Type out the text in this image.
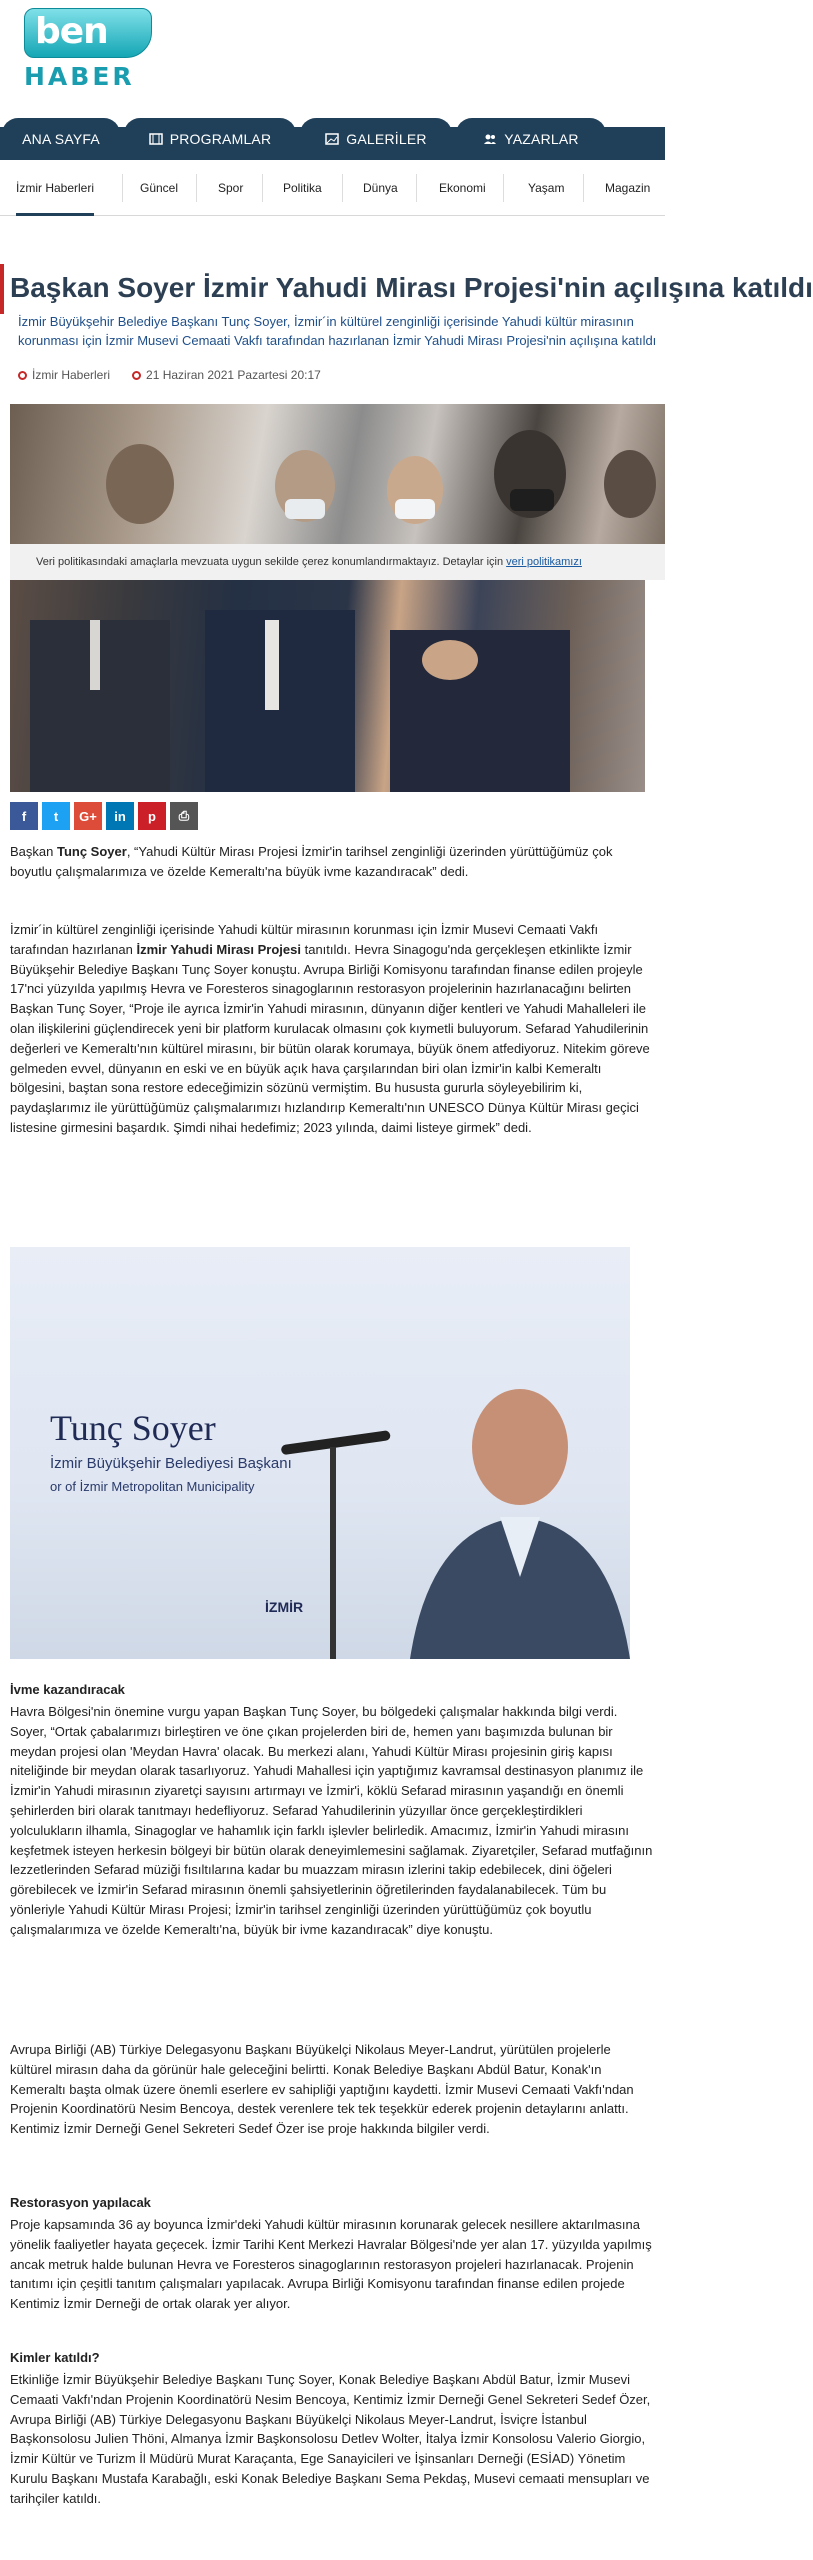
ben
HABER
ANA SAYFA	PROGRAMLAR	GALERİLER	YAZARLAR
İzmir Haberleri	Güncel	Spor	Politika	Dünya	Ekonomi	Yaşam	Magazin
Başkan Soyer İzmir Yahudi Mirası Projesi'nin açılışına katıldı
İzmir Büyükşehir Belediye Başkanı Tunç Soyer, İzmir´in kültürel zenginliği içerisinde Yahudi kültür mirasının korunması için İzmir Musevi Cemaati Vakfı tarafından hazırlanan İzmir Yahudi Mirası Projesi'nin açılışına katıldı
İzmir Haberleri	21 Haziran 2021 Pazartesi 20:17
Veri politikasındaki amaçlarla mevzuata uygun sekilde çerez konumlandırmaktayız. Detaylar için veri politikamızı
f	t	G+	in	p	⎙
Başkan Tunç Soyer, “Yahudi Kültür Mirası Projesi İzmir'in tarihsel zenginliği üzerinden yürüttüğümüz çok boyutlu çalışmalarımıza ve özelde Kemeraltı'na büyük ivme kazandıracak” dedi.
İzmir´in kültürel zenginliği içerisinde Yahudi kültür mirasının korunması için İzmir Musevi Cemaati Vakfı tarafından hazırlanan İzmir Yahudi Mirası Projesi tanıtıldı. Hevra Sinagogu'nda gerçekleşen etkinlikte İzmir Büyükşehir Belediye Başkanı Tunç Soyer konuştu. Avrupa Birliği Komisyonu tarafından finanse edilen projeyle 17'nci yüzyılda yapılmış Hevra ve Foresteros sinagoglarının restorasyon projelerinin hazırlanacağını belirten Başkan Tunç Soyer, “Proje ile ayrıca İzmir'in Yahudi mirasının, dünyanın diğer kentleri ve Yahudi Mahalleleri ile olan ilişkilerini güçlendirecek yeni bir platform kurulacak olmasını çok kıymetli buluyorum. Sefarad Yahudilerinin değerleri ve Kemeraltı'nın kültürel mirasını, bir bütün olarak korumaya, büyük önem atfediyoruz. Nitekim göreve gelmeden evvel, dünyanın en eski ve en büyük açık hava çarşılarından biri olan İzmir'in kalbi Kemeraltı bölgesini, baştan sona restore edeceğimizin sözünü vermiştim. Bu hususta gururla söyleyebilirim ki, paydaşlarımız ile yürüttüğümüz çalışmalarımızı hızlandırıp Kemeraltı'nın UNESCO Dünya Kültür Mirası geçici listesine girmesini başardık. Şimdi nihai hedefimiz; 2023 yılında, daimi listeye girmek” dedi.
Tunç Soyer
İzmir Büyükşehir Belediyesi Başkanı
or of İzmir Metropolitan Municipality
İZMİR
İvme kazandıracak
Havra Bölgesi'nin önemine vurgu yapan Başkan Tunç Soyer, bu bölgedeki çalışmalar hakkında bilgi verdi. Soyer, “Ortak çabalarımızı birleştiren ve öne çıkan projelerden biri de, hemen yanı başımızda bulunan bir meydan projesi olan 'Meydan Havra' olacak. Bu merkezi alanı, Yahudi Kültür Mirası projesinin giriş kapısı niteliğinde bir meydan olarak tasarlıyoruz. Yahudi Mahallesi için yaptığımız kavramsal destinasyon planımız ile İzmir'in Yahudi mirasının ziyaretçi sayısını artırmayı ve İzmir'i, köklü Sefarad mirasının yaşandığı en önemli şehirlerden biri olarak tanıtmayı hedefliyoruz. Sefarad Yahudilerinin yüzyıllar önce gerçekleştirdikleri yolculukların ilhamla, Sinagoglar ve hahamlık için farklı işlevler belirledik. Amacımız, İzmir'in Yahudi mirasını keşfetmek isteyen herkesin bölgeyi bir bütün olarak deneyimlemesini sağlamak. Ziyaretçiler, Sefarad mutfağının lezzetlerinden Sefarad müziği fısıltılarına kadar bu muazzam mirasın izlerini takip edebilecek, dini öğeleri görebilecek ve İzmir'in Sefarad mirasının önemli şahsiyetlerinin öğretilerinden faydalanabilecek. Tüm bu yönleriyle Yahudi Kültür Mirası Projesi; İzmir'in tarihsel zenginliği üzerinden yürüttüğümüz çok boyutlu çalışmalarımıza ve özelde Kemeraltı'na, büyük bir ivme kazandıracak” diye konuştu.
Avrupa Birliği (AB) Türkiye Delegasyonu Başkanı Büyükelçi Nikolaus Meyer-Landrut, yürütülen projelerle kültürel mirasın daha da görünür hale geleceğini belirtti. Konak Belediye Başkanı Abdül Batur, Konak'ın Kemeraltı başta olmak üzere önemli eserlere ev sahipliği yaptığını kaydetti. İzmir Musevi Cemaati Vakfı'ndan Projenin Koordinatörü Nesim Bencoya, destek verenlere tek tek teşekkür ederek projenin detaylarını anlattı. Kentimiz İzmir Derneği Genel Sekreteri Sedef Özer ise proje hakkında bilgiler verdi.
Restorasyon yapılacak
Proje kapsamında 36 ay boyunca İzmir'deki Yahudi kültür mirasının korunarak gelecek nesillere aktarılmasına yönelik faaliyetler hayata geçecek. İzmir Tarihi Kent Merkezi Havralar Bölgesi'nde yer alan 17. yüzyılda yapılmış ancak metruk halde bulunan Hevra ve Foresteros sinagoglarının restorasyon projeleri hazırlanacak. Projenin tanıtımı için çeşitli tanıtım çalışmaları yapılacak. Avrupa Birliği Komisyonu tarafından finanse edilen projede Kentimiz İzmir Derneği de ortak olarak yer alıyor.
Kimler katıldı?
Etkinliğe İzmir Büyükşehir Belediye Başkanı Tunç Soyer, Konak Belediye Başkanı Abdül Batur, İzmir Musevi Cemaati Vakfı'ndan Projenin Koordinatörü Nesim Bencoya, Kentimiz İzmir Derneği Genel Sekreteri Sedef Özer, Avrupa Birliği (AB) Türkiye Delegasyonu Başkanı Büyükelçi Nikolaus Meyer-Landrut, İsviçre İstanbul Başkonsolosu Julien Thöni, Almanya İzmir Başkonsolosu Detlev Wolter, İtalya İzmir Konsolosu Valerio Giorgio, İzmir Kültür ve Turizm İl Müdürü Murat Karaçanta, Ege Sanayicileri ve İşinsanları Derneği (ESİAD) Yönetim Kurulu Başkanı Mustafa Karabağlı, eski Konak Belediye Başkanı Sema Pekdaş, Musevi cemaati mensupları ve tarihçiler katıldı.
